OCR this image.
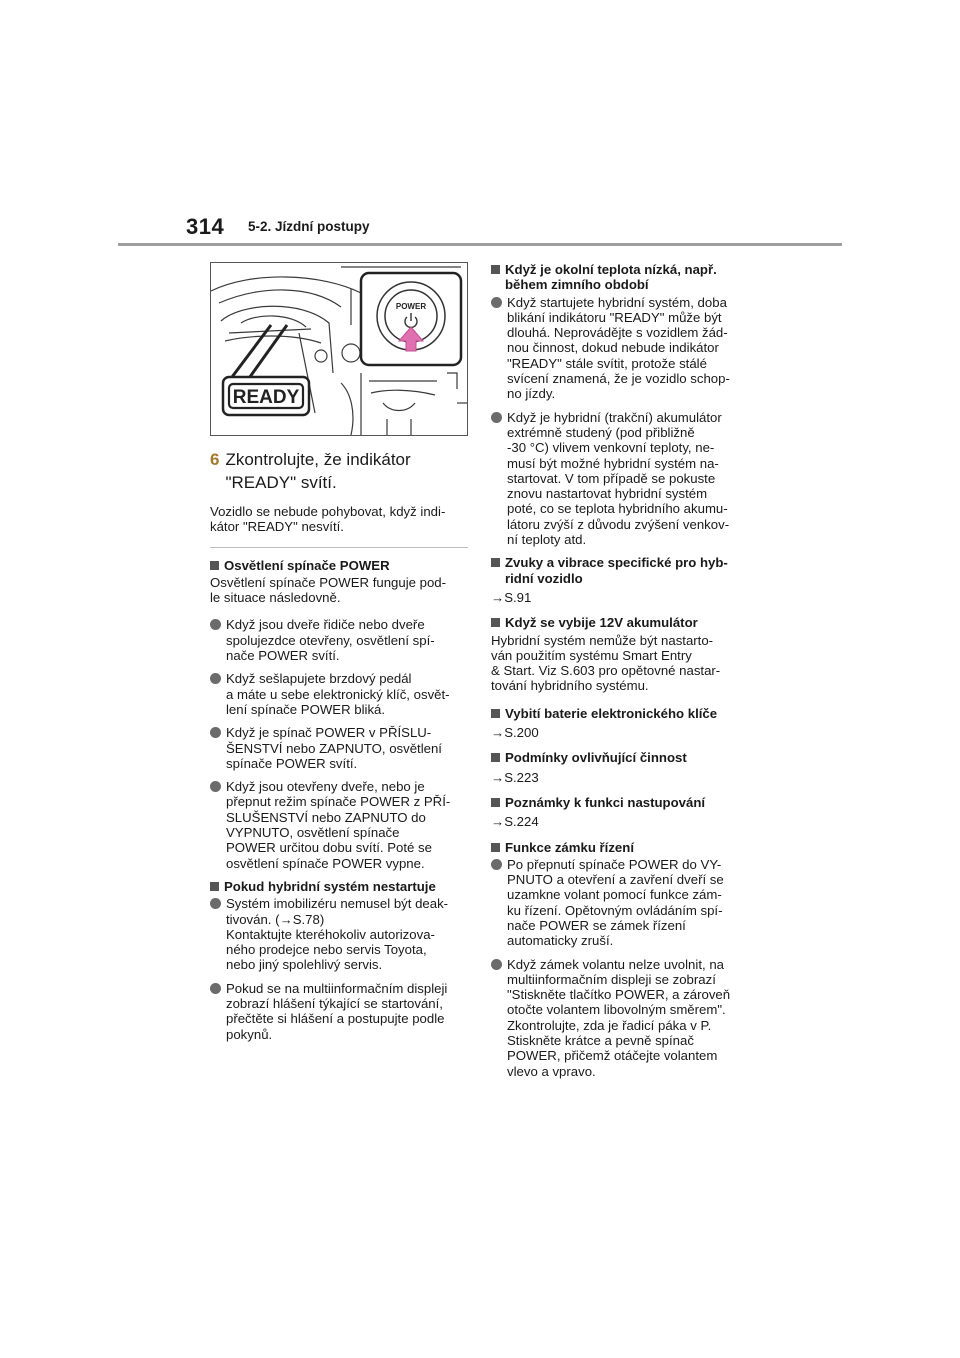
314 5-2. Jízdní postupy
POWER
READY
6 Zkontrolujte, že indikátor
"READY" svítí.
Vozidlo se nebude pohybovat, když indi-
kátor "READY" nesvítí.
Osvětlení spínače POWER
Osvětlení spínače POWER funguje pod-
le situace následovně.
Když jsou dveře řidiče nebo dveře
spolujezdce otevřeny, osvětlení spí-
nače POWER svítí.
Když sešlapujete brzdový pedál
a máte u sebe elektronický klíč, osvět-
lení spínače POWER bliká.
Když je spínač POWER v PŘÍSLU-
ŠENSTVÍ nebo ZAPNUTO, osvětlení
spínače POWER svítí.
Když jsou otevřeny dveře, nebo je
přepnut režim spínače POWER z PŘÍ-
SLUŠENSTVÍ nebo ZAPNUTO do
VYPNUTO, osvětlení spínače
POWER určitou dobu svítí. Poté se
osvětlení spínače POWER vypne.
Pokud hybridní systém nestartuje
Systém imobilizéru nemusel být deak-
tivován. (→S.78)
Kontaktujte kteréhokoliv autorizova-
ného prodejce nebo servis Toyota,
nebo jiný spolehlivý servis.
Pokud se na multiinformačním displeji
zobrazí hlášení týkající se startování,
přečtěte si hlášení a postupujte podle
pokynů.
Když je okolní teplota nízká, např.
během zimního období
Když startujete hybridní systém, doba
blikání indikátoru "READY" může být
dlouhá. Neprovádějte s vozidlem žád-
nou činnost, dokud nebude indikátor
"READY" stále svítit, protože stálé
svícení znamená, že je vozidlo schop-
no jízdy.
Když je hybridní (trakční) akumulátor
extrémně studený (pod přibližně
-30 °C) vlivem venkovní teploty, ne-
musí být možné hybridní systém na-
startovat. V tom případě se pokuste
znovu nastartovat hybridní systém
poté, co se teplota hybridního akumu-
látoru zvýší z důvodu zvýšení venkov-
ní teploty atd.
Zvuky a vibrace specifické pro hyb-
ridní vozidlo
→S.91
Když se vybije 12V akumulátor
Hybridní systém nemůže být nastarto-
ván použitím systému Smart Entry
& Start. Viz S.603 pro opětovné nastar-
tování hybridního systému.
Vybití baterie elektronického klíče
→S.200
Podmínky ovlivňující činnost
→S.223
Poznámky k funkci nastupování
→S.224
Funkce zámku řízení
Po přepnutí spínače POWER do VY-
PNUTO a otevření a zavření dveří se
uzamkne volant pomocí funkce zám-
ku řízení. Opětovným ovládáním spí-
nače POWER se zámek řízení
automaticky zruší.
Když zámek volantu nelze uvolnit, na
multiinformačním displeji se zobrazí
"Stiskněte tlačítko POWER, a zároveň
otočte volantem libovolným směrem".
Zkontrolujte, zda je řadicí páka v P.
Stiskněte krátce a pevně spínač
POWER, přičemž otáčejte volantem
vlevo a vpravo.
